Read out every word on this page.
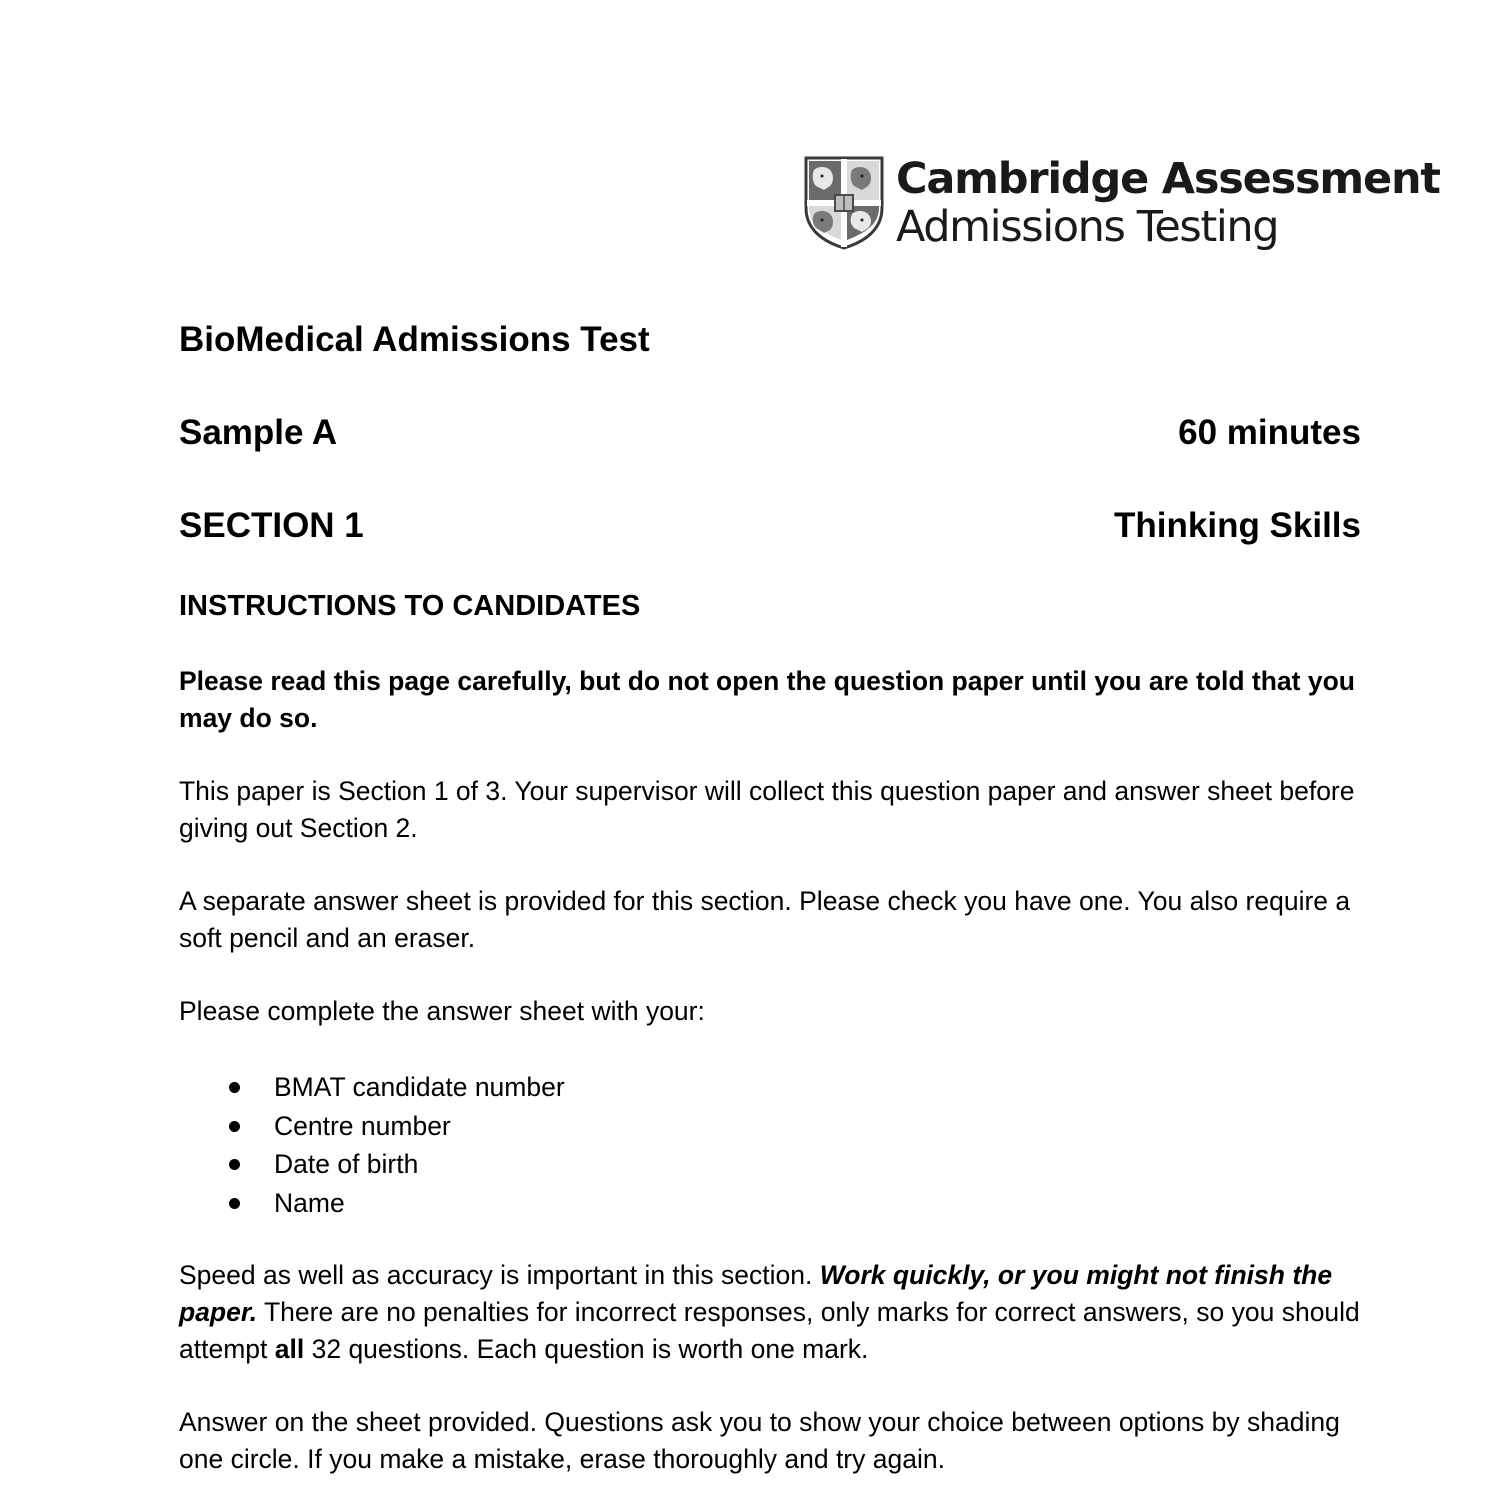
Cambridge Assessment
Admissions Testing
BioMedical Admissions Test
Sample A	60 minutes
SECTION 1	Thinking Skills
INSTRUCTIONS TO CANDIDATES
Please read this page carefully, but do not open the question paper until you are told that you may do so.
This paper is Section 1 of 3. Your supervisor will collect this question paper and answer sheet before giving out Section 2.
A separate answer sheet is provided for this section. Please check you have one. You also require a soft pencil and an eraser.
Please complete the answer sheet with your:
BMAT candidate number
Centre number
Date of birth
Name
Speed as well as accuracy is important in this section. Work quickly, or you might not finish the paper. There are no penalties for incorrect responses, only marks for correct answers, so you should attempt all 32 questions. Each question is worth one mark.
Answer on the sheet provided. Questions ask you to show your choice between options by shading one circle. If you make a mistake, erase thoroughly and try again.
